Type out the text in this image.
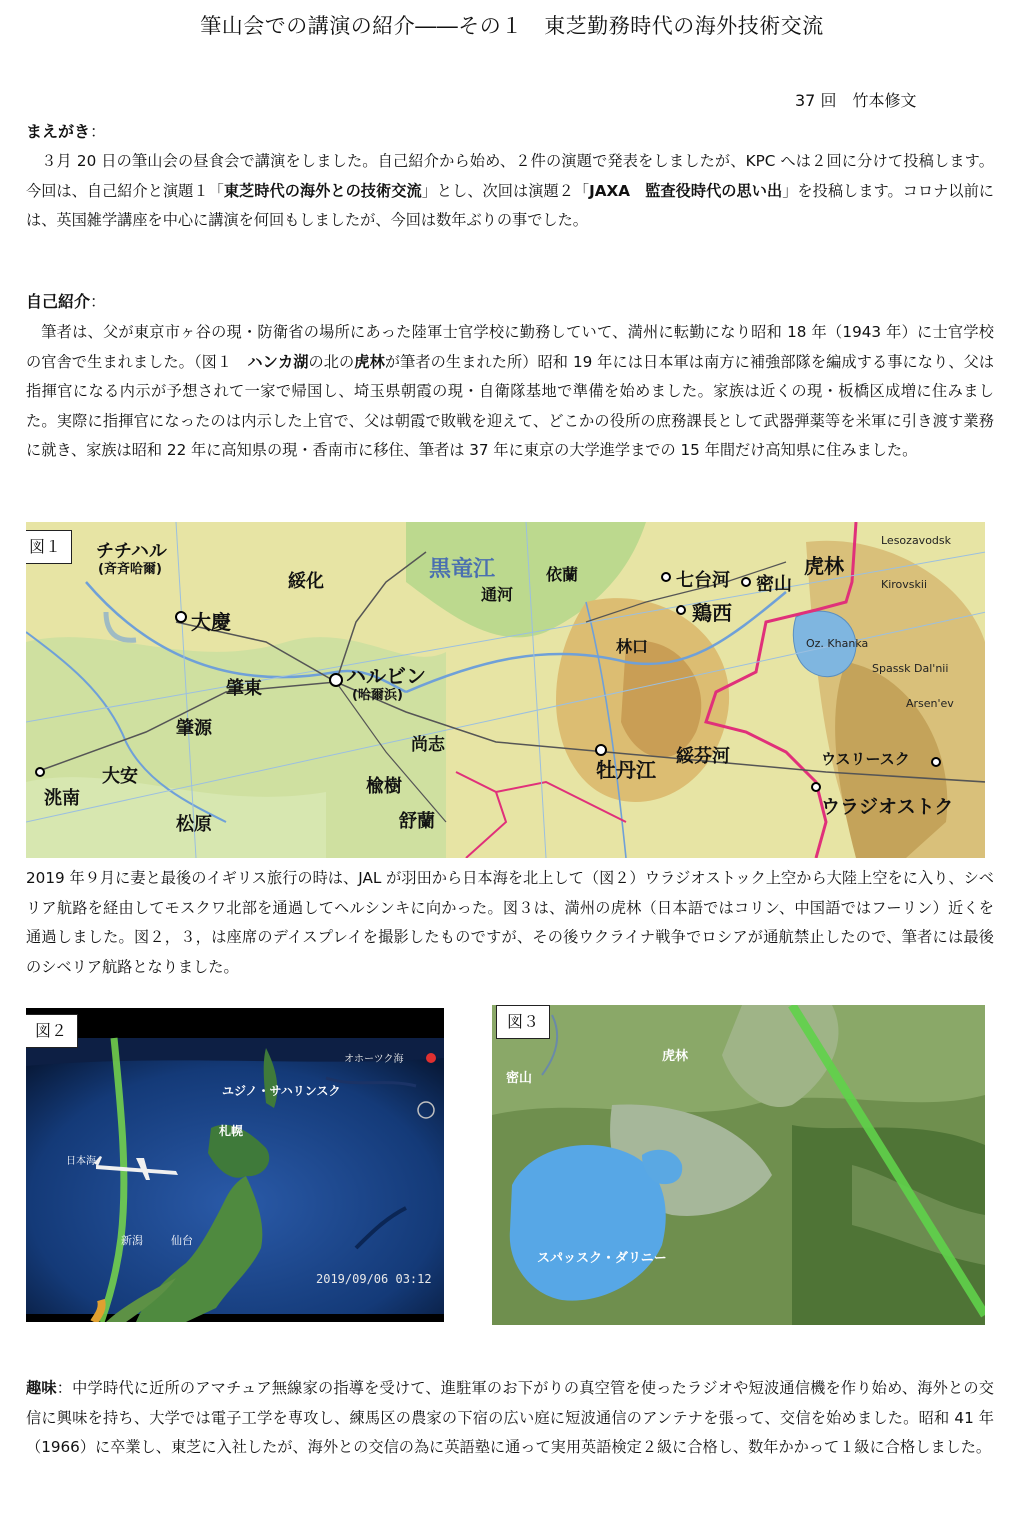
筆山会での講演の紹介――その１　東芝勤務時代の海外技術交流
37 回　竹本修文
まえがき：

３月 20 日の筆山会の昼食会で講演をしました。自己紹介から始め、２件の演題で発表をしましたが、KPC へは２回に分けて投稿します。今回は、自己紹介と演題１「東芝時代の海外との技術交流」とし、次回は演題２「JAXA　監査役時代の思い出」を投稿します。コロナ以前には、英国雑学講座を中心に講演を何回もしましたが、今回は数年ぶりの事でした。

自己紹介：

筆者は、父が東京市ヶ谷の現・防衛省の場所にあった陸軍士官学校に勤務していて、満州に転勤になり昭和 18 年（1943 年）に士官学校の官舎で生まれました。（図１　ハンカ湖の北の虎林が筆者の生まれた所）昭和 19 年には日本軍は南方に補強部隊を編成する事になり、父は指揮官になる内示が予想されて一家で帰国し、埼玉県朝霞の現・自衛隊基地で準備を始めました。家族は近くの現・板橋区成増に住みました。実際に指揮官になったのは内示した上官で、父は朝霞で敗戦を迎えて、どこかの役所の庶務課長として武器弾薬等を米軍に引き渡す業務に就き、家族は昭和 22 年に高知県の現・香南市に移住、筆者は 37 年に東京の大学進学までの 15 年間だけ高知県に住みました。

図１	チチハル
(斉斉哈爾)
大慶
綏化	黒竜江
通河
依蘭	七台河
鶏西
密山
虎林
Lesozavodsk
Kirovskii
ハルビン
(哈爾浜)
肇東
肇源
林口	Oz. Khanka
Spassk Dal'nii
Arsen'ev
尚志
牡丹江
綏芬河	ウスリースク
ウラジオストク
大安
洮南
楡樹
舒蘭
松原

2019 年９月に妻と最後のイギリス旅行の時は、JAL が羽田から日本海を北上して（図２）ウラジオストック上空から大陸上空をに入り、シベリア航路を経由してモスクワ北部を通過してヘルシンキに向かった。図３は、満州の虎林（日本語ではコリン、中国語ではフーリン）近くを通過しました。図２，３，は座席のデイスプレイを撮影したものですが、その後ウクライナ戦争でロシアが通航禁止したので、筆者には最後のシベリア航路となりました。

図２
オホーツク海
ユジノ・サハリンスク
札幌
日本海
新潟	仙台
2019/09/06 03:12
図３
密山
虎林
スパッスク・ダリニー

趣味：中学時代に近所のアマチュア無線家の指導を受けて、進駐軍のお下がりの真空管を使ったラジオや短波通信機を作り始め、海外との交信に興味を持ち、大学では電子工学を専攻し、練馬区の農家の下宿の広い庭に短波通信のアンテナを張って、交信を始めました。昭和 41 年（1966）に卒業し、東芝に入社したが、海外との交信の為に英語塾に通って実用英語検定２級に合格し、数年かかって１級に合格しました。
